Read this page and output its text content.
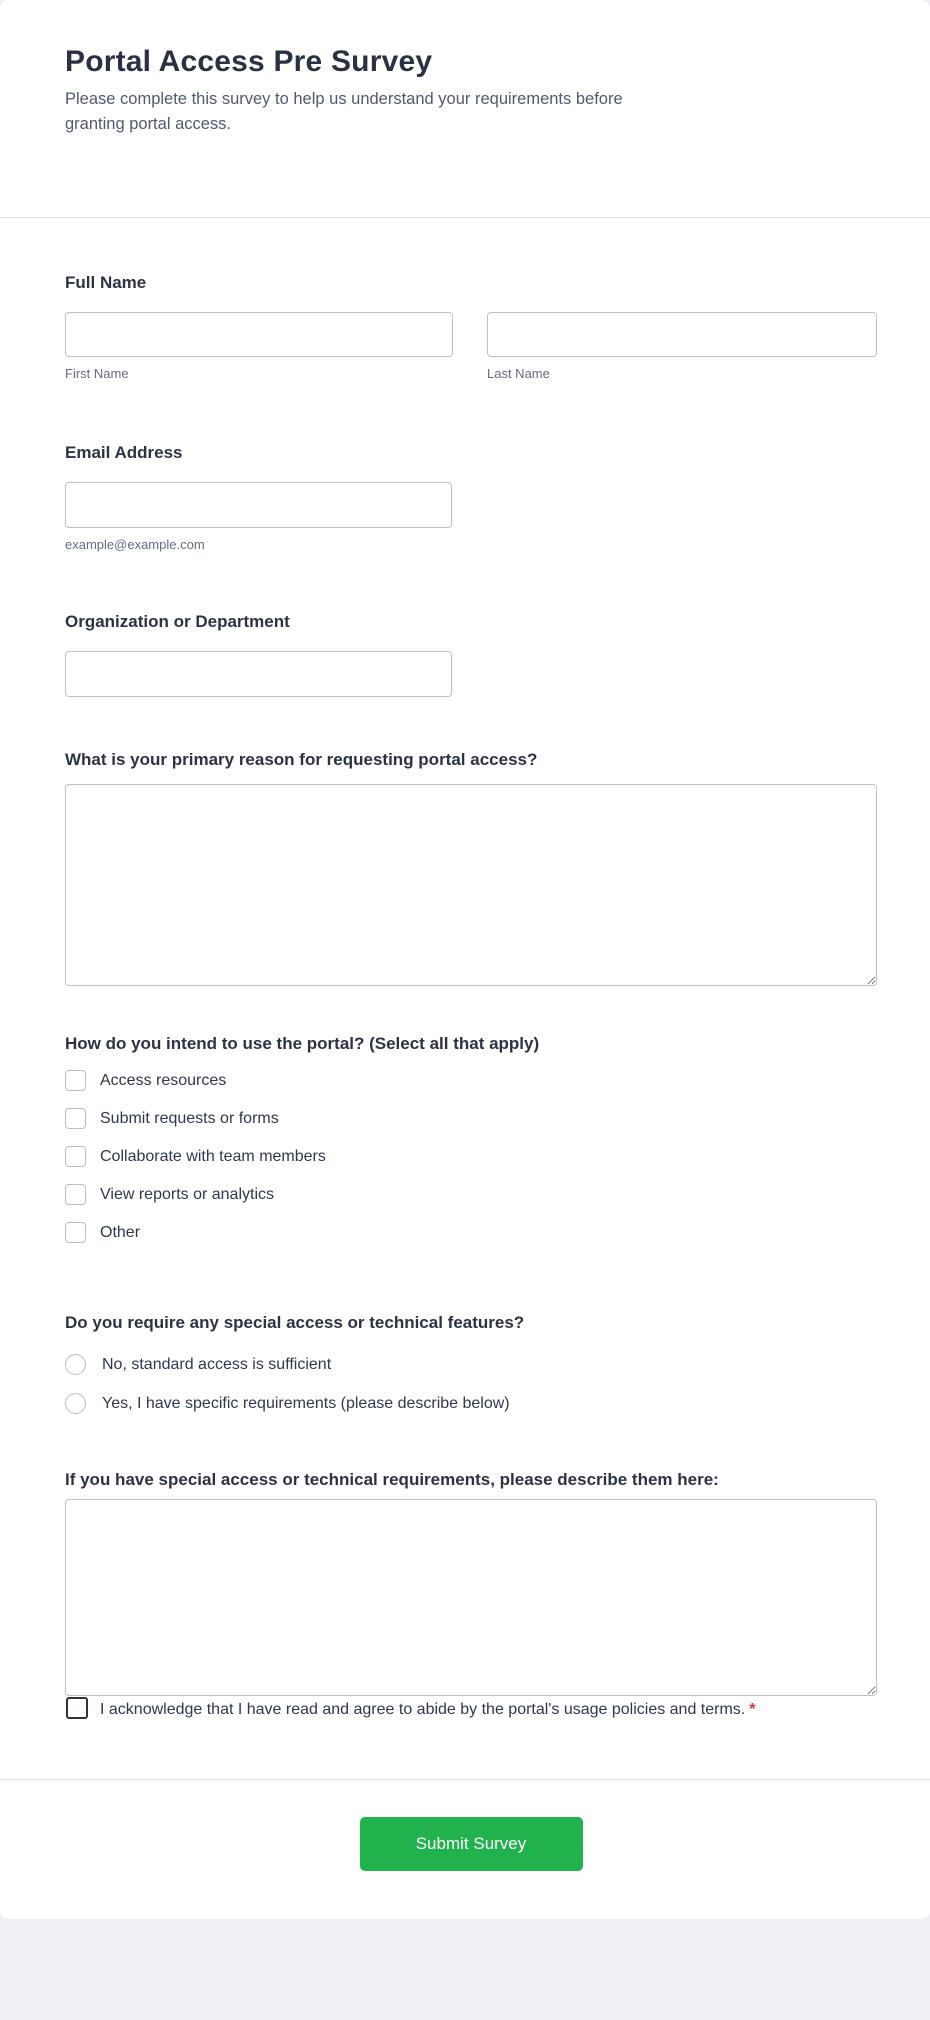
Portal Access Pre Survey

Please complete this survey to help us understand your requirements before granting portal access.

Full Name
First Name	Last Name
Email Address
example@example.com
Organization or Department
What is your primary reason for requesting portal access?
How do you intend to use the portal? (Select all that apply)
Access resources
Submit requests or forms
Collaborate with team members
View reports or analytics
Other
Do you require any special access or technical features?
No, standard access is sufficient
Yes, I have specific requirements (please describe below)
If you have special access or technical requirements, please describe them here:
I acknowledge that I have read and agree to abide by the portal's usage policies and terms. *
Submit Survey
